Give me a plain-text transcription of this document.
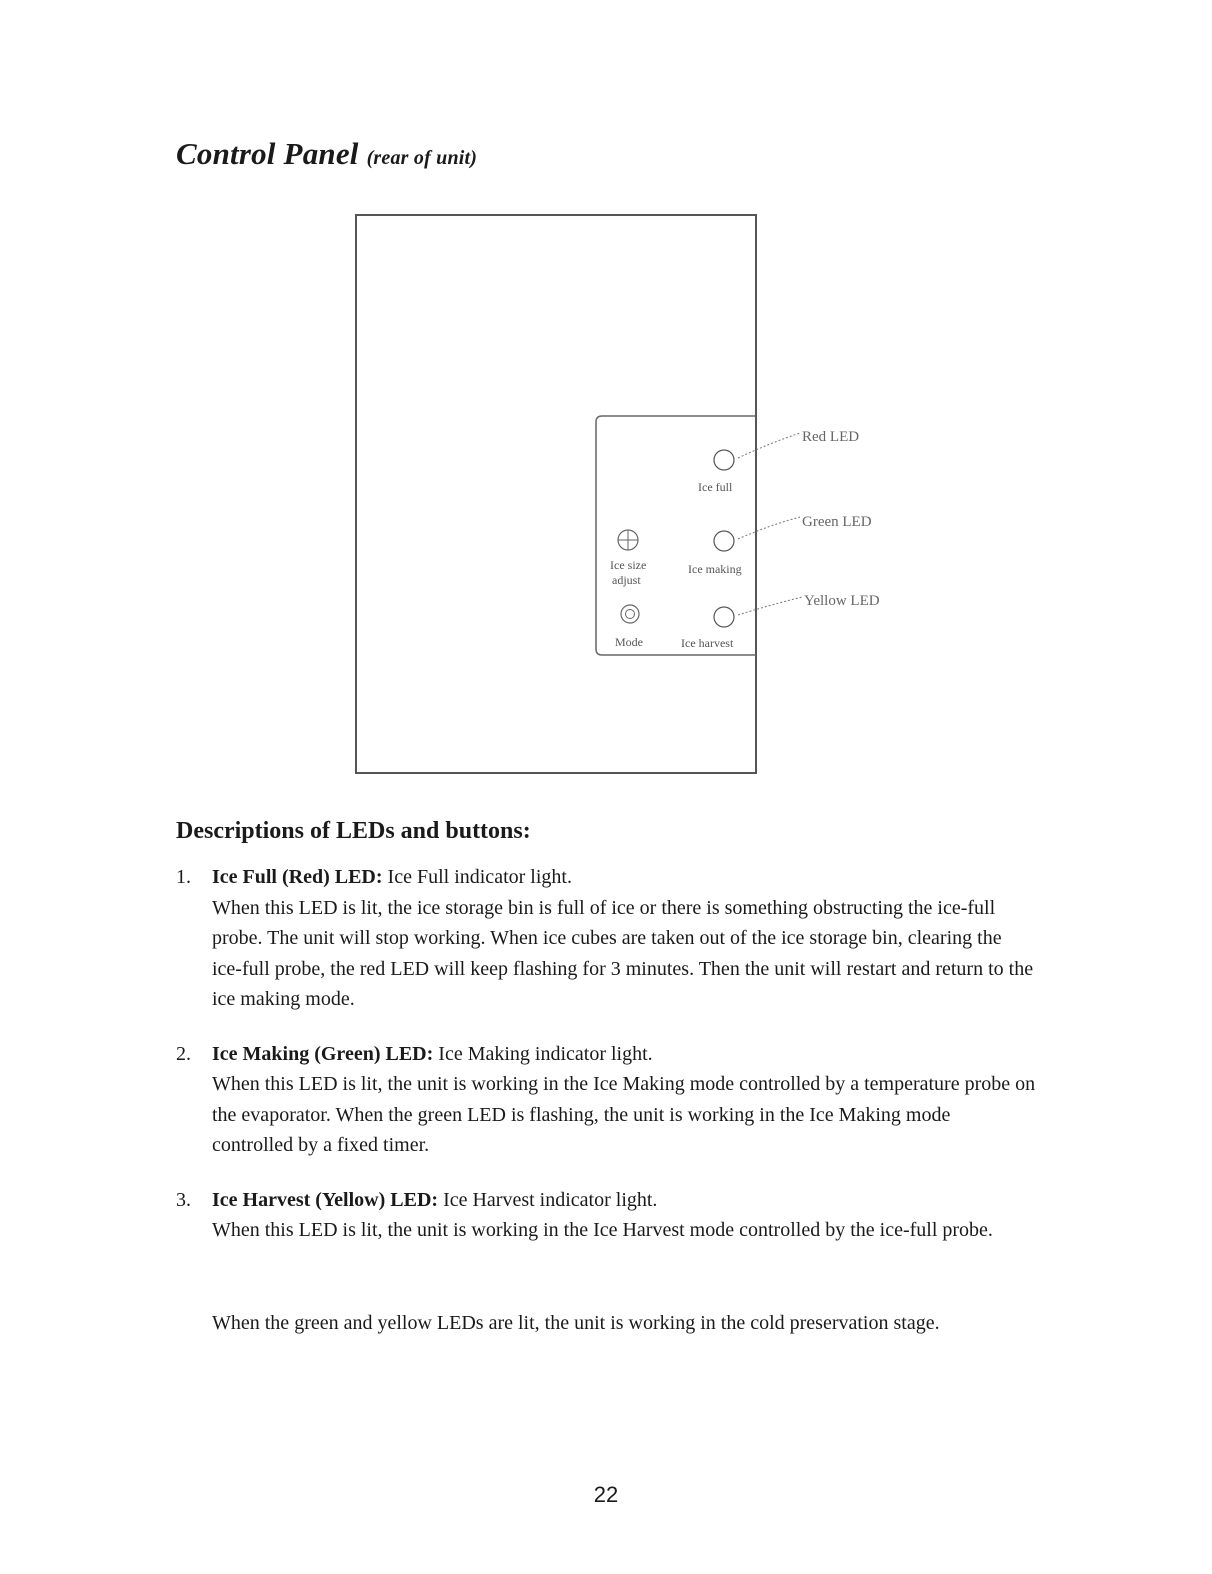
Control Panel (rear of unit)
Ice full
Ice making
Ice harvest
Ice size
adjust
Mode
Red LED
Green LED
Yellow LED
Descriptions of LEDs and buttons:
1. Ice Full (Red) LED: Ice Full indicator light.
When this LED is lit, the ice storage bin is full of ice or there is something obstructing the ice-full probe. The unit will stop working. When ice cubes are taken out of the ice storage bin, clearing the ice-full probe, the red LED will keep flashing for 3 minutes. Then the unit will restart and return to the ice making mode.
2. Ice Making (Green) LED: Ice Making indicator light.
When this LED is lit, the unit is working in the Ice Making mode controlled by a temperature probe on the evaporator. When the green LED is flashing, the unit is working in the Ice Making mode controlled by a fixed timer.
3. Ice Harvest (Yellow) LED: Ice Harvest indicator light.
When this LED is lit, the unit is working in the Ice Harvest mode controlled by the ice-full probe.

When the green and yellow LEDs are lit, the unit is working in the cold preservation stage.

22
